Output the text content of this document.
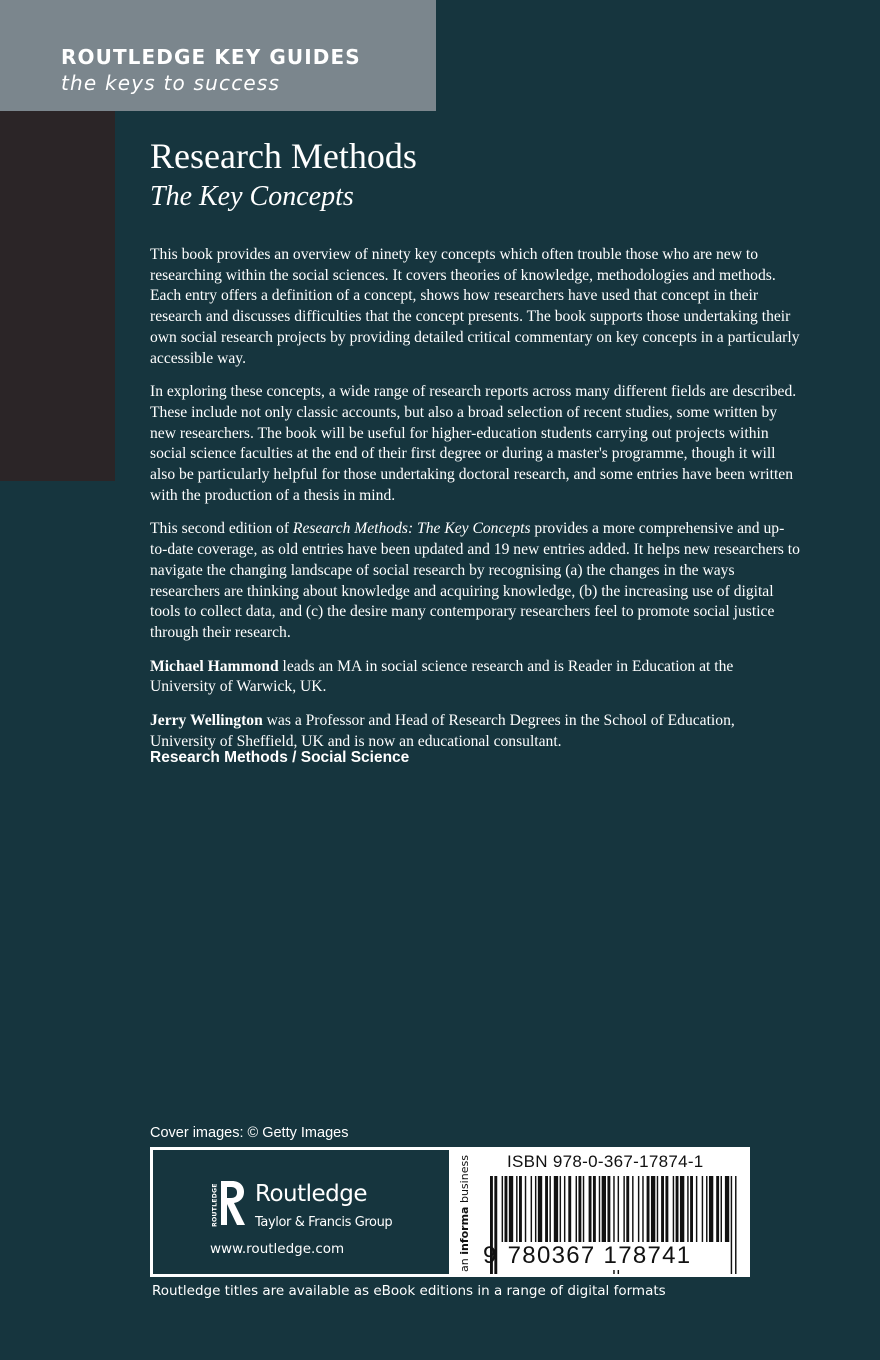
ROUTLEDGE KEY GUIDES
the keys to success
Research Methods
The Key Concepts

This book provides an overview of ninety key concepts which often trouble those who are new to researching within the social sciences. It covers theories of knowledge, methodologies and methods. Each entry offers a definition of a concept, shows how researchers have used that concept in their research and discusses difficulties that the concept presents. The book supports those undertaking their own social research projects by providing detailed critical commentary on key concepts in a particularly accessible way.

In exploring these concepts, a wide range of research reports across many different fields are described. These include not only classic accounts, but also a broad selection of recent studies, some written by new researchers. The book will be useful for higher-education students carrying out projects within social science faculties at the end of their first degree or during a master's programme, though it will also be particularly helpful for those undertaking doctoral research, and some entries have been written with the production of a thesis in mind.

This second edition of Research Methods: The Key Concepts provides a more comprehensive and up-to-date coverage, as old entries have been updated and 19 new entries added. It helps new researchers to navigate the changing landscape of social research by recognising (a) the changes in the ways researchers are thinking about knowledge and acquiring knowledge, (b) the increasing use of digital tools to collect data, and (c) the desire many contemporary researchers feel to promote social justice through their research.

Michael Hammond leads an MA in social science research and is Reader in Education at the University of Warwick, UK.

Jerry Wellington was a Professor and Head of Research Degrees in the School of Education, University of Sheffield, UK and is now an educational consultant.

Research Methods / Social Science
Cover images: © Getty Images
ROUTLEDGE Routledge
Taylor & Francis Group
www.routledge.com
an informa business ISBN 978-0-367-17874-1
9 780367 178741
Routledge titles are available as eBook editions in a range of digital formats
